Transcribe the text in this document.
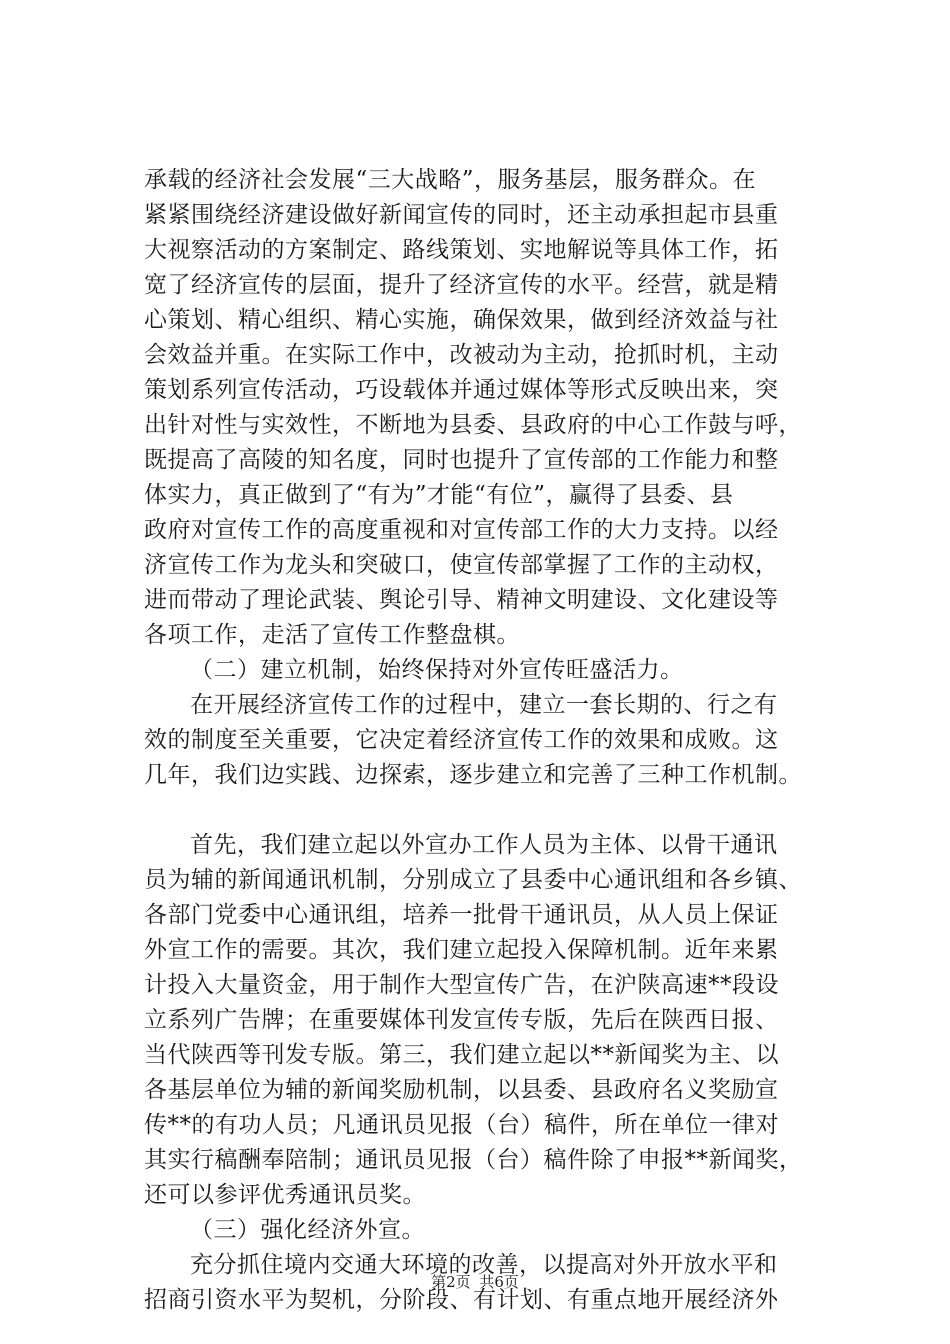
承载的经济社会发展“三大战略”，服务基层，服务群众。在
紧紧围绕经济建设做好新闻宣传的同时，还主动承担起市县重
大视察活动的方案制定、路线策划、实地解说等具体工作，拓
宽了经济宣传的层面，提升了经济宣传的水平。经营，就是精
心策划、精心组织、精心实施，确保效果，做到经济效益与社
会效益并重。在实际工作中，改被动为主动，抢抓时机，主动
策划系列宣传活动，巧设载体并通过媒体等形式反映出来，突
出针对性与实效性，不断地为县委、县政府的中心工作鼓与呼，
既提高了高陵的知名度，同时也提升了宣传部的工作能力和整
体实力，真正做到了“有为”才能“有位”，赢得了县委、县
政府对宣传工作的高度重视和对宣传部工作的大力支持。以经
济宣传工作为龙头和突破口，使宣传部掌握了工作的主动权，
进而带动了理论武装、舆论引导、精神文明建设、文化建设等
各项工作，走活了宣传工作整盘棋。
（二）建立机制，始终保持对外宣传旺盛活力。
在开展经济宣传工作的过程中，建立一套长期的、行之有
效的制度至关重要，它决定着经济宣传工作的效果和成败。这
几年，我们边实践、边探索，逐步建立和完善了三种工作机制。
首先，我们建立起以外宣办工作人员为主体、以骨干通讯
员为辅的新闻通讯机制，分别成立了县委中心通讯组和各乡镇、
各部门党委中心通讯组，培养一批骨干通讯员，从人员上保证
外宣工作的需要。其次，我们建立起投入保障机制。近年来累
计投入大量资金，用于制作大型宣传广告，在沪陕高速**段设
立系列广告牌；在重要媒体刊发宣传专版，先后在陕西日报、
当代陕西等刊发专版。第三，我们建立起以**新闻奖为主、以
各基层单位为辅的新闻奖励机制，以县委、县政府名义奖励宣
传**的有功人员；凡通讯员见报（台）稿件，所在单位一律对
其实行稿酬奉陪制；通讯员见报（台）稿件除了申报**新闻奖，
还可以参评优秀通讯员奖。
（三）强化经济外宣。
充分抓住境内交通大环境的改善，以提高对外开放水平和
招商引资水平为契机，分阶段、有计划、有重点地开展经济外
第2页 共6页
